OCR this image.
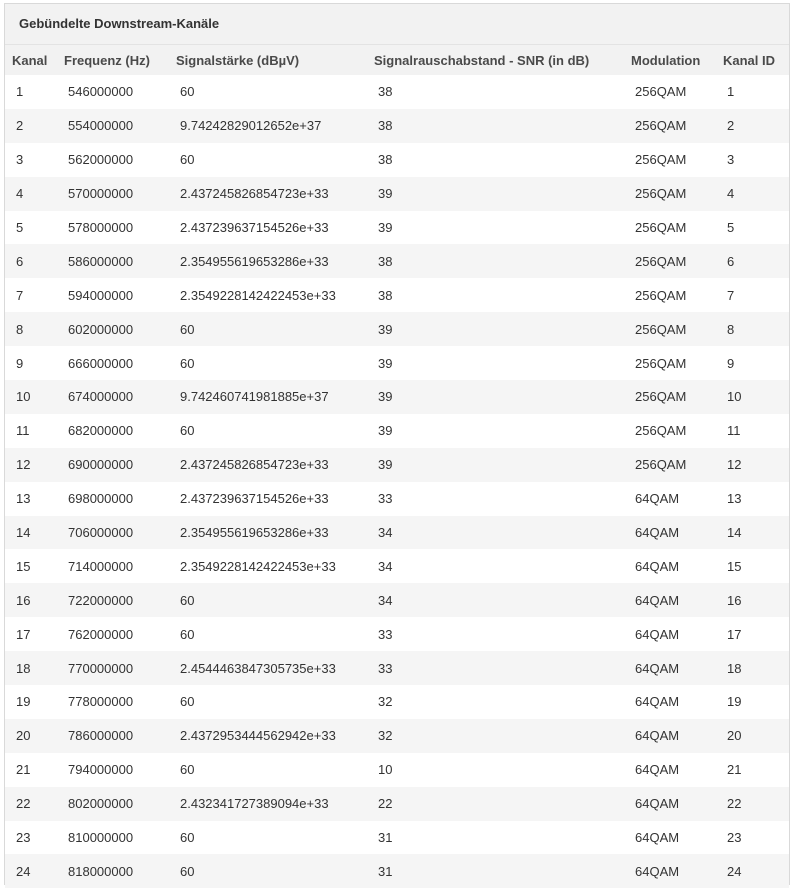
Gebündelte Downstream-Kanäle
Kanal	Frequenz (Hz)	Signalstärke (dBµV)	Signalrauschabstand - SNR (in dB)	Modulation	Kanal ID
1	546000000	60	38	256QAM	1
2	554000000	9.74242829012652e+37	38	256QAM	2
3	562000000	60	38	256QAM	3
4	570000000	2.437245826854723e+33	39	256QAM	4
5	578000000	2.437239637154526e+33	39	256QAM	5
6	586000000	2.354955619653286e+33	38	256QAM	6
7	594000000	2.3549228142422453e+33	38	256QAM	7
8	602000000	60	39	256QAM	8
9	666000000	60	39	256QAM	9
10	674000000	9.742460741981885e+37	39	256QAM	10
11	682000000	60	39	256QAM	11
12	690000000	2.437245826854723e+33	39	256QAM	12
13	698000000	2.437239637154526e+33	33	64QAM	13
14	706000000	2.354955619653286e+33	34	64QAM	14
15	714000000	2.3549228142422453e+33	34	64QAM	15
16	722000000	60	34	64QAM	16
17	762000000	60	33	64QAM	17
18	770000000	2.4544463847305735e+33	33	64QAM	18
19	778000000	60	32	64QAM	19
20	786000000	2.4372953444562942e+33	32	64QAM	20
21	794000000	60	10	64QAM	21
22	802000000	2.432341727389094e+33	22	64QAM	22
23	810000000	60	31	64QAM	23
24	818000000	60	31	64QAM	24
